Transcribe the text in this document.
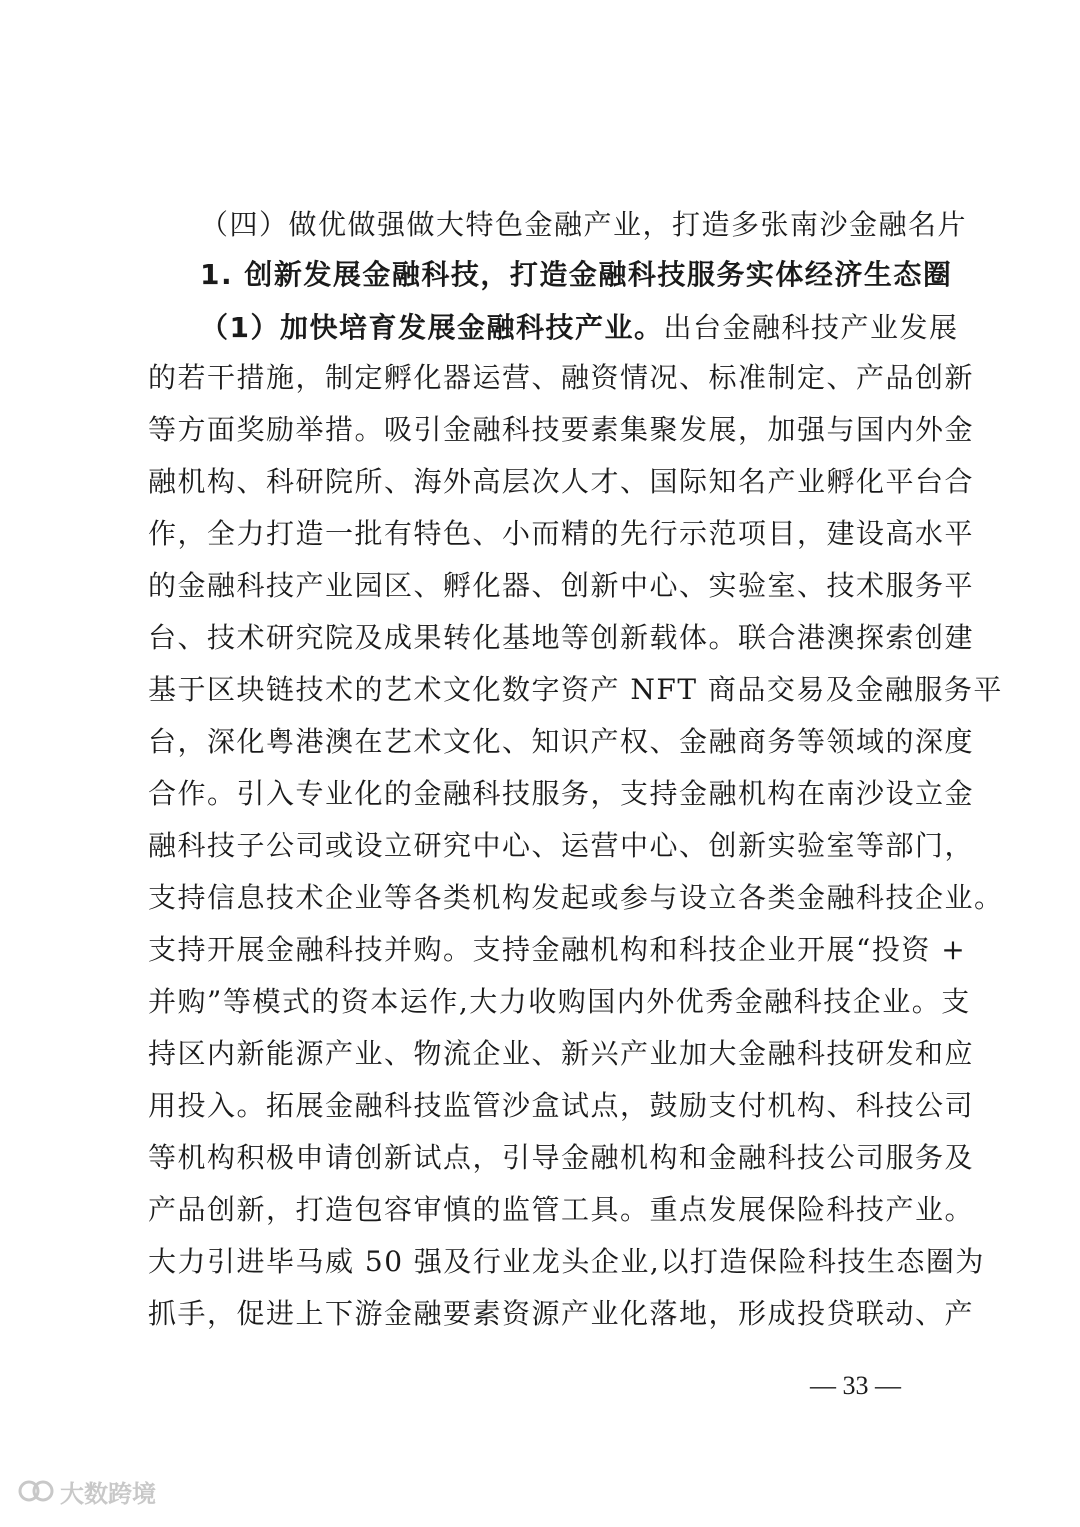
（四）做优做强做大特色金融产业，打造多张南沙金融名片
1. 创新发展金融科技，打造金融科技服务实体经济生态圈
（1）加快培育发展金融科技产业。出台金融科技产业发展
的若干措施，制定孵化器运营、融资情况、标准制定、产品创新
等方面奖励举措。吸引金融科技要素集聚发展，加强与国内外金
融机构、科研院所、海外高层次人才、国际知名产业孵化平台合
作，全力打造一批有特色、小而精的先行示范项目，建设高水平
的金融科技产业园区、孵化器、创新中心、实验室、技术服务平
台、技术研究院及成果转化基地等创新载体。联合港澳探索创建
基于区块链技术的艺术文化数字资产 NFT 商品交易及金融服务平
台，深化粤港澳在艺术文化、知识产权、金融商务等领域的深度
合作。引入专业化的金融科技服务，支持金融机构在南沙设立金
融科技子公司或设立研究中心、运营中心、创新实验室等部门，
支持信息技术企业等各类机构发起或参与设立各类金融科技企业。
支持开展金融科技并购。支持金融机构和科技企业开展“投资 +
并购”等模式的资本运作,大力收购国内外优秀金融科技企业。支
持区内新能源产业、物流企业、新兴产业加大金融科技研发和应
用投入。拓展金融科技监管沙盒试点，鼓励支付机构、科技公司
等机构积极申请创新试点，引导金融机构和金融科技公司服务及
产品创新，打造包容审慎的监管工具。重点发展保险科技产业。
大力引进毕马威 50 强及行业龙头企业,以打造保险科技生态圈为
抓手，促进上下游金融要素资源产业化落地，形成投贷联动、产
— 33 —
大数跨境
